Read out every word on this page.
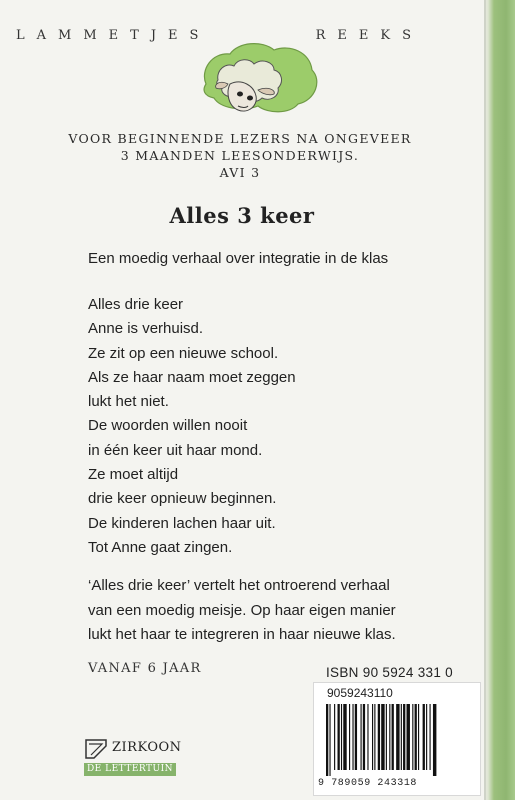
L A M M E T J E S	R E E K S
VOOR BEGINNENDE LEZERS NA ONGEVEER
3 MAANDEN LEESONDERWIJS.
AVI 3
Alles 3 keer
Een moedig verhaal over integratie in de klas
Alles drie keer
Anne is verhuisd.
Ze zit op een nieuwe school.
Als ze haar naam moet zeggen
lukt het niet.
De woorden willen nooit
in één keer uit haar mond.
Ze moet altijd
drie keer opnieuw beginnen.
De kinderen lachen haar uit.
Tot Anne gaat zingen.
‘Alles drie keer’ vertelt het ontroerend verhaal
van een moedig meisje. Op haar eigen manier
lukt het haar te integreren in haar nieuwe klas.
VANAF 6 JAAR	ISBN 90 5924 331 0
9059243110
9 789059 243318
ZIRKOON
DE LETTERTUIN
